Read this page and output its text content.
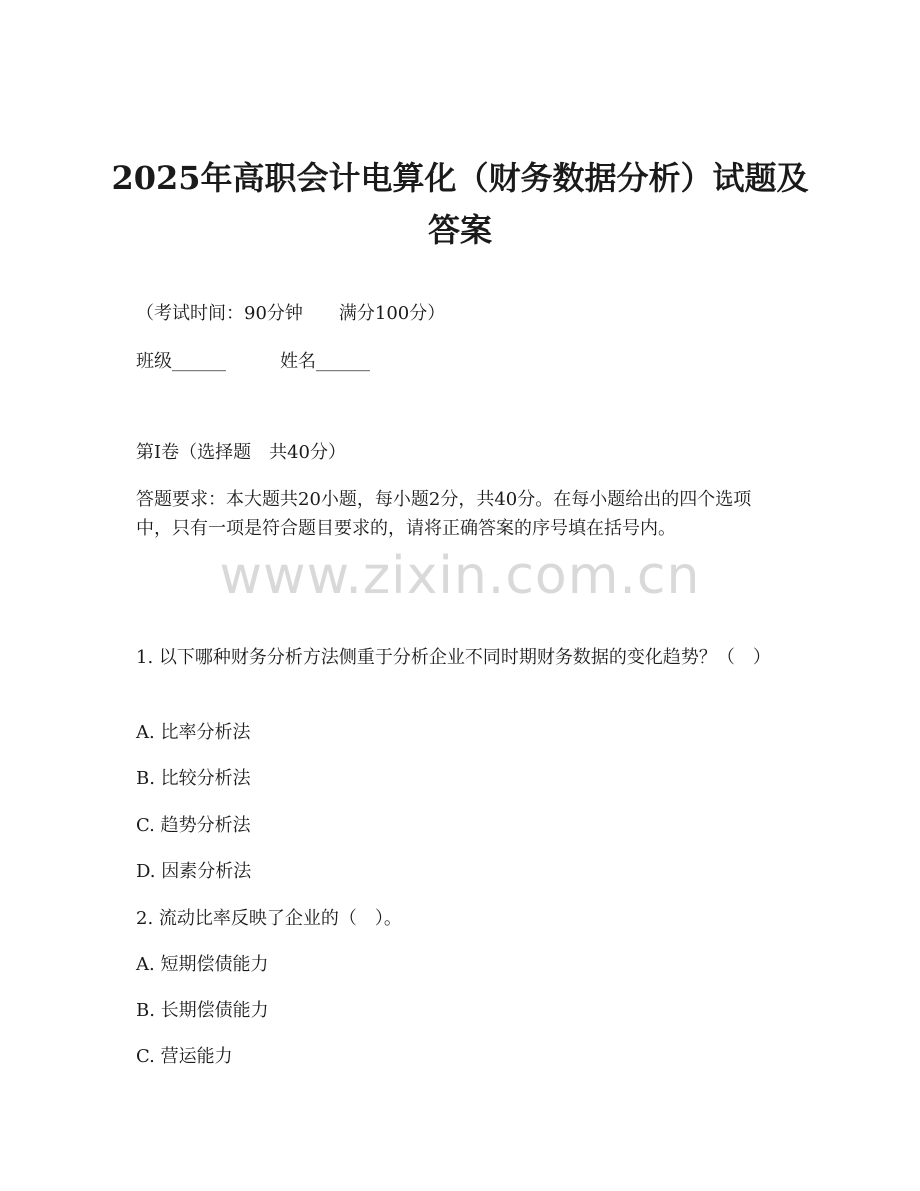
2025年高职会计电算化（财务数据分析）试题及答案
（考试时间：90分钟　　满分100分）
班级______	姓名______
第I卷（选择题　共40分）
答题要求：本大题共20小题，每小题2分，共40分。在每小题给出的四个选项中，只有一项是符合题目要求的，请将正确答案的序号填在括号内。
www.zixin.com.cn
1. 以下哪种财务分析方法侧重于分析企业不同时期财务数据的变化趋势？（　）
A. 比率分析法
B. 比较分析法
C. 趋势分析法
D. 因素分析法
2. 流动比率反映了企业的（　）。
A. 短期偿债能力
B. 长期偿债能力
C. 营运能力
